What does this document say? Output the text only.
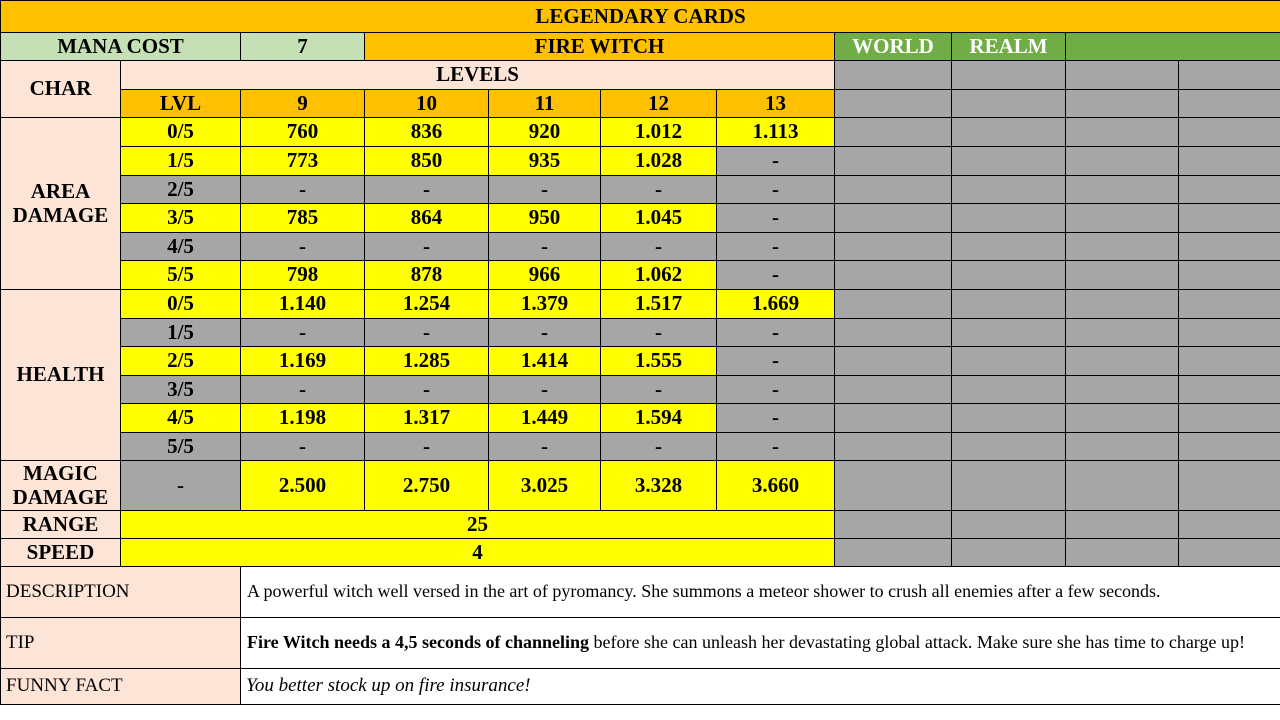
LEGENDARY CARDS										
MANA COST		7	FIRE WITCH				WORLD	REALM		
CHAR	LEVELS									
	LVL	9	10	11	12	13				
AREA DAMAGE	0/5	760	836	920	1.012	1.113				
	1/5	773	850	935	1.028	-				
	2/5	-	-	-	-	-				
	3/5	785	864	950	1.045	-				
	4/5	-	-	-	-	-				
	5/5	798	878	966	1.062	-				
HEALTH	0/5	1.140	1.254	1.379	1.517	1.669				
	1/5	-	-	-	-	-				
	2/5	1.169	1.285	1.414	1.555	-				
	3/5	-	-	-	-	-				
	4/5	1.198	1.317	1.449	1.594	-				
	5/5	-	-	-	-	-				
MAGIC DAMAGE	-	2.500	2.750	3.025	3.328	3.660				
RANGE	25									
SPEED	4									
DESCRIPTION		A powerful witch well versed in the art of pyromancy. She summons a meteor shower to crush all enemies after a few seconds.								
TIP		Fire Witch needs a 4,5 seconds of channeling before she can unleash her devastating global attack. Make sure she has time to charge up!								
FUNNY FACT		You better stock up on fire insurance!								
